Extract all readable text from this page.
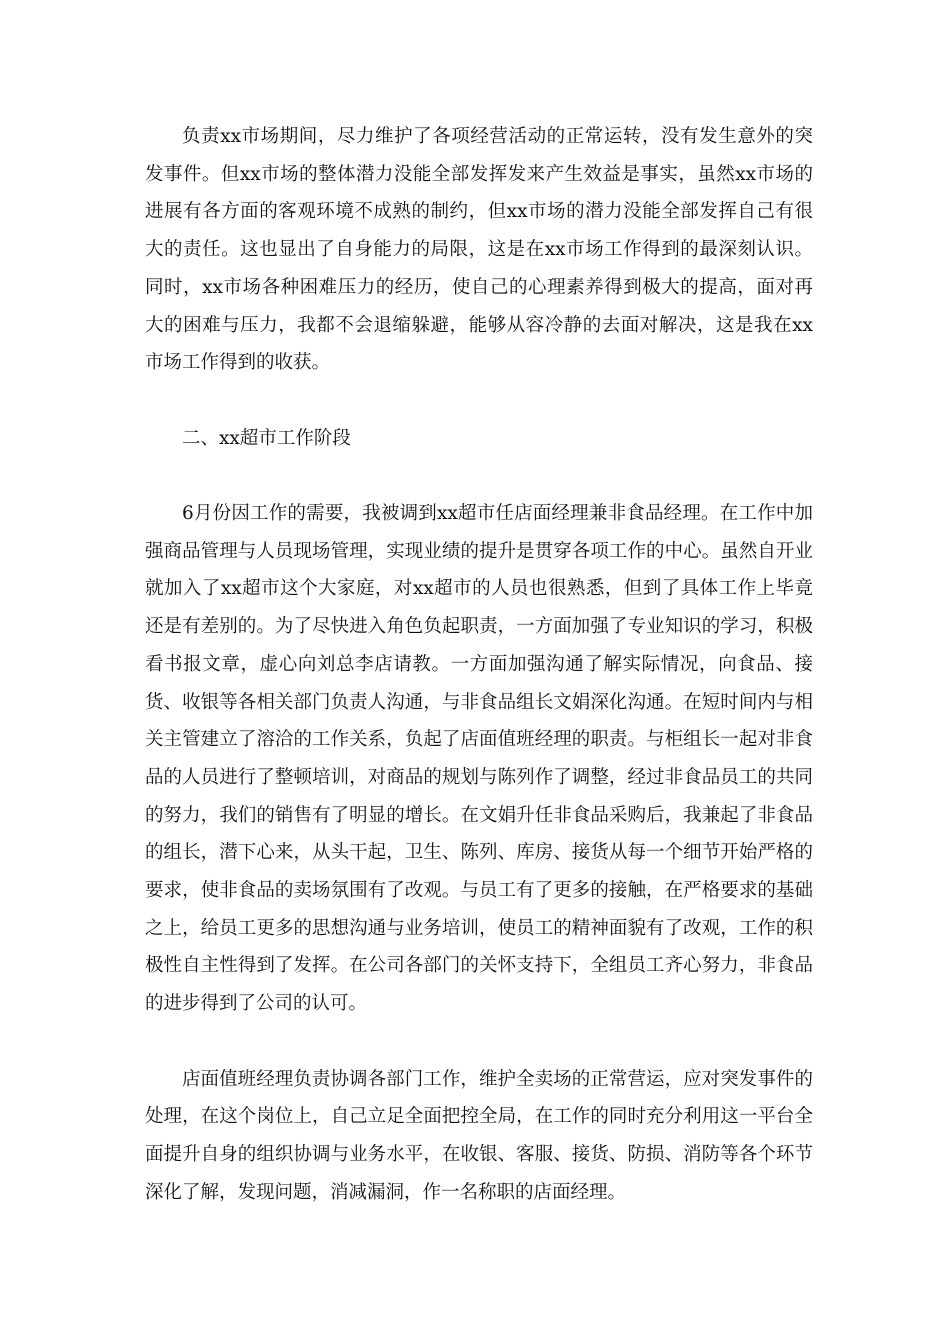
负责xx市场期间，尽力维护了各项经营活动的正常运转，没有发生意外的突发事件。但xx市场的整体潜力没能全部发挥发来产生效益是事实，虽然xx市场的进展有各方面的客观环境不成熟的制约，但xx市场的潜力没能全部发挥自己有很大的责任。这也显出了自身能力的局限，这是在xx市场工作得到的最深刻认识。同时，xx市场各种困难压力的经历，使自己的心理素养得到极大的提高，面对再大的困难与压力，我都不会退缩躲避，能够从容冷静的去面对解决，这是我在xx市场工作得到的收获。

二、xx超市工作阶段

6月份因工作的需要，我被调到xx超市任店面经理兼非食品经理。在工作中加强商品管理与人员现场管理，实现业绩的提升是贯穿各项工作的中心。虽然自开业就加入了xx超市这个大家庭，对xx超市的人员也很熟悉，但到了具体工作上毕竟还是有差别的。为了尽快进入角色负起职责，一方面加强了专业知识的学习，积极看书报文章，虚心向刘总李店请教。一方面加强沟通了解实际情况，向食品、接货、收银等各相关部门负责人沟通，与非食品组长文娟深化沟通。在短时间内与相关主管建立了溶洽的工作关系，负起了店面值班经理的职责。与柜组长一起对非食品的人员进行了整顿培训，对商品的规划与陈列作了调整，经过非食品员工的共同的努力，我们的销售有了明显的增长。在文娟升任非食品采购后，我兼起了非食品的组长，潜下心来，从头干起，卫生、陈列、库房、接货从每一个细节开始严格的要求，使非食品的卖场氛围有了改观。与员工有了更多的接触，在严格要求的基础之上，给员工更多的思想沟通与业务培训，使员工的精神面貌有了改观，工作的积极性自主性得到了发挥。在公司各部门的关怀支持下，全组员工齐心努力，非食品的进步得到了公司的认可。

店面值班经理负责协调各部门工作，维护全卖场的正常营运，应对突发事件的处理，在这个岗位上，自己立足全面把控全局，在工作的同时充分利用这一平台全面提升自身的组织协调与业务水平，在收银、客服、接货、防损、消防等各个环节深化了解，发现问题，消减漏洞，作一名称职的店面经理。
